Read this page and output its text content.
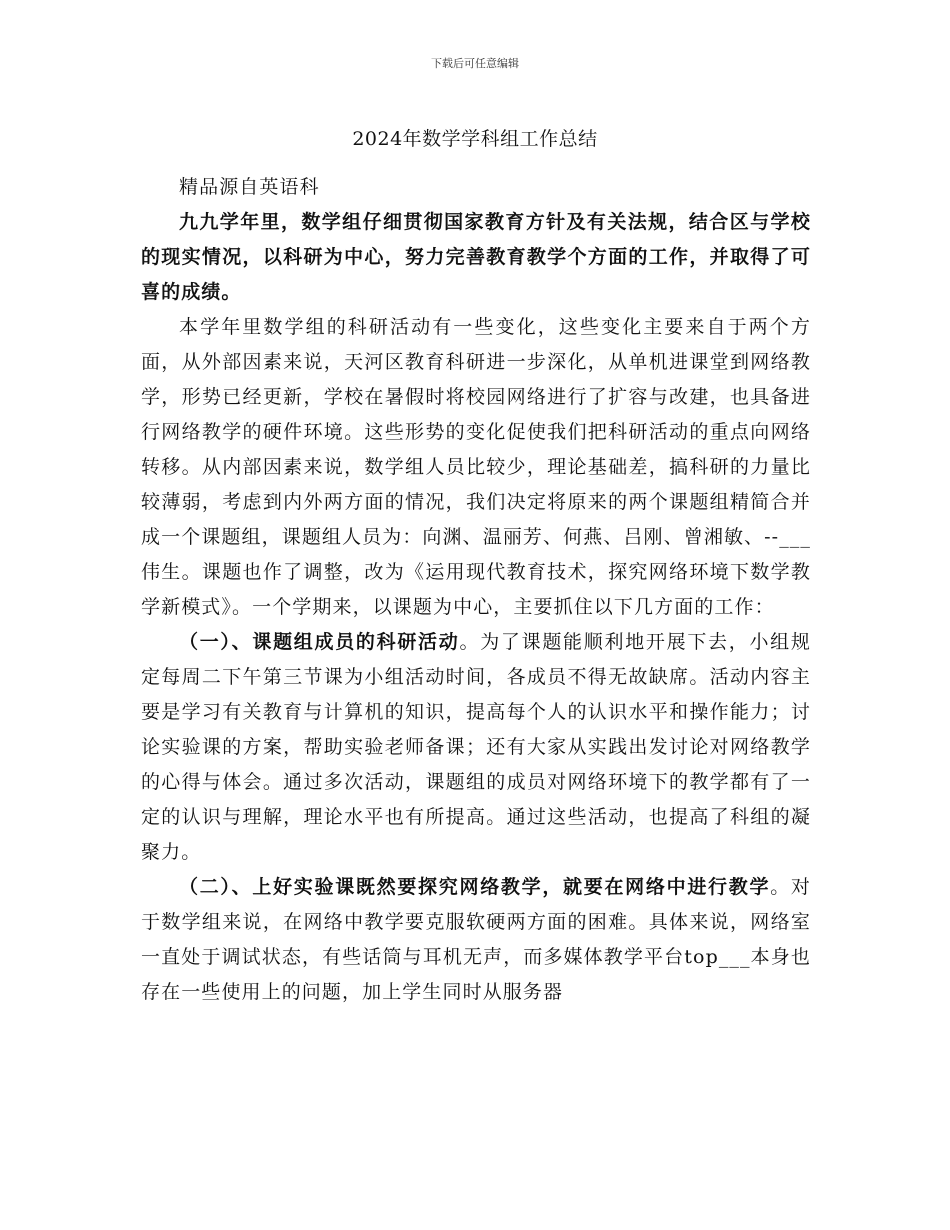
下载后可任意编辑
2024年数学学科组工作总结

精品源自英语科

九九学年里，数学组仔细贯彻国家教育方针及有关法规，结合区与学校的现实情况，以科研为中心，努力完善教育教学个方面的工作，并取得了可喜的成绩。

本学年里数学组的科研活动有一些变化，这些变化主要来自于两个方面，从外部因素来说，天河区教育科研进一步深化，从单机进课堂到网络教学，形势已经更新，学校在暑假时将校园网络进行了扩容与改建，也具备进行网络教学的硬件环境。这些形势的变化促使我们把科研活动的重点向网络转移。从内部因素来说，数学组人员比较少，理论基础差，搞科研的力量比较薄弱，考虑到内外两方面的情况，我们决定将原来的两个课题组精简合并成一个课题组，课题组人员为：向渊、温丽芳、何燕、吕刚、曾湘敏、--___伟生。课题也作了调整，改为《运用现代教育技术，探究网络环境下数学教学新模式》。一个学期来，以课题为中心，主要抓住以下几方面的工作：

（一）、课题组成员的科研活动。为了课题能顺利地开展下去，小组规定每周二下午第三节课为小组活动时间，各成员不得无故缺席。活动内容主要是学习有关教育与计算机的知识，提高每个人的认识水平和操作能力；讨论实验课的方案，帮助实验老师备课；还有大家从实践出发讨论对网络教学的心得与体会。通过多次活动，课题组的成员对网络环境下的教学都有了一定的认识与理解，理论水平也有所提高。通过这些活动，也提高了科组的凝聚力。

（二）、上好实验课既然要探究网络教学，就要在网络中进行教学。对于数学组来说，在网络中教学要克服软硬两方面的困难。具体来说，网络室一直处于调试状态，有些话筒与耳机无声，而多媒体教学平台top___本身也存在一些使用上的问题，加上学生同时从服务器
